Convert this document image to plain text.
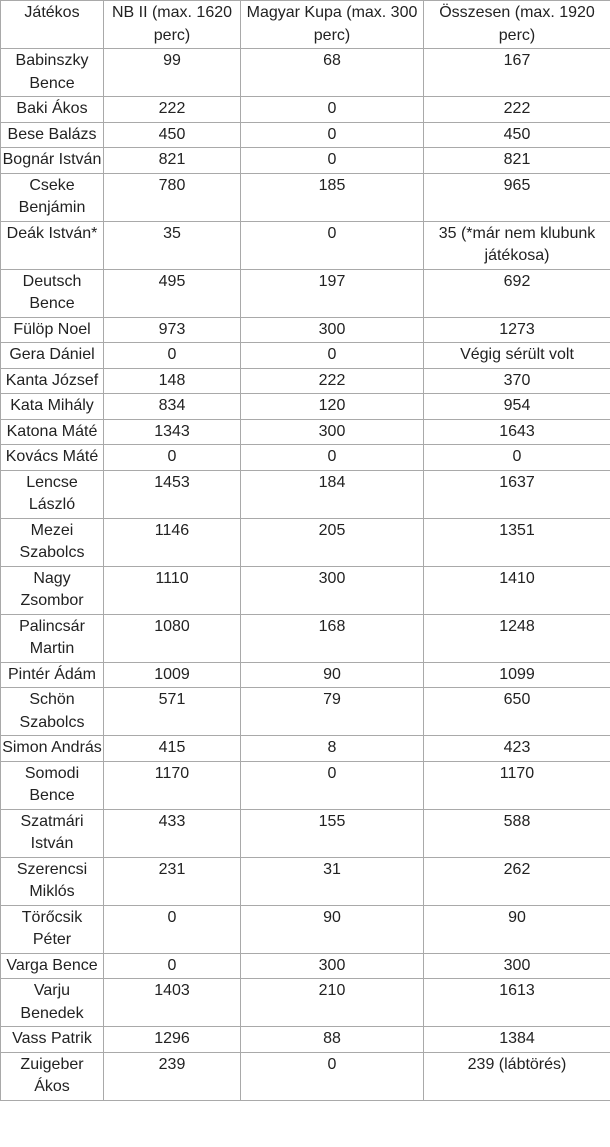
Játékos	NB II (max. 1620 perc)	Magyar Kupa (max. 300 perc)	Összesen (max. 1920 perc)
Babinszky Bence	99	68	167
Baki Ákos	222	0	222
Bese Balázs	450	0	450
Bognár István	821	0	821
Cseke Benjámin	780	185	965
Deák István*	35	0	35 (*már nem klubunk játékosa)
Deutsch Bence	495	197	692
Fülöp Noel	973	300	1273
Gera Dániel	0	0	Végig sérült volt
Kanta József	148	222	370
Kata Mihály	834	120	954
Katona Máté	1343	300	1643
Kovács Máté	0	0	0
Lencse László	1453	184	1637
Mezei Szabolcs	1146	205	1351
Nagy Zsombor	1110	300	1410
Palincsár Martin	1080	168	1248
Pintér Ádám	1009	90	1099
Schön Szabolcs	571	79	650
Simon András	415	8	423
Somodi Bence	1170	0	1170
Szatmári István	433	155	588
Szerencsi Miklós	231	31	262
Törőcsik Péter	0	90	90
Varga Bence	0	300	300
Varju Benedek	1403	210	1613
Vass Patrik	1296	88	1384
Zuigeber Ákos	239	0	239 (lábtörés)
